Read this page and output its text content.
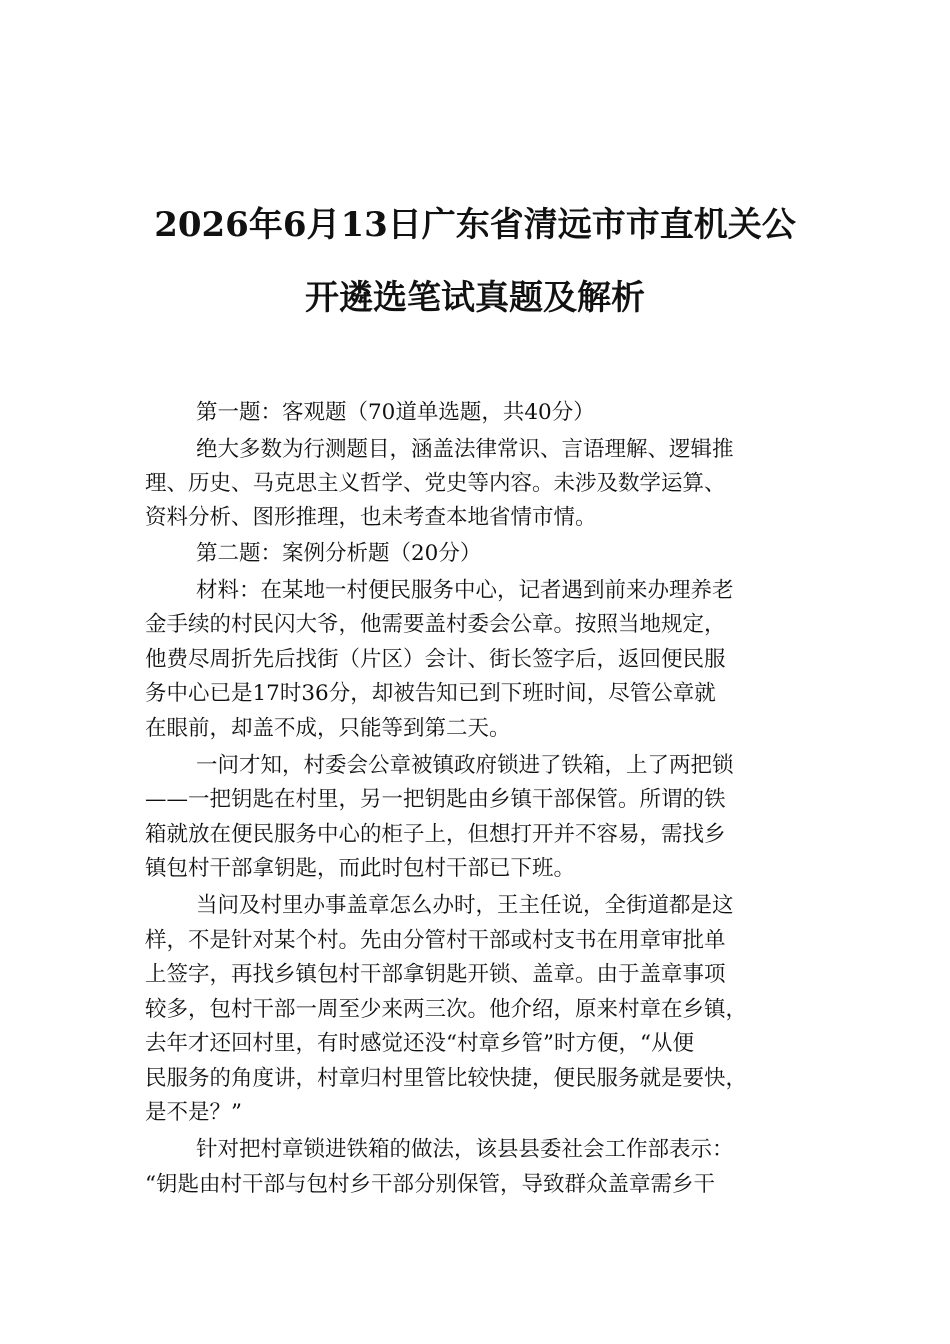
2026年6月13日广东省清远市市直机关公
开遴选笔试真题及解析
第一题：客观题（70道单选题，共40分）
绝大多数为行测题目，涵盖法律常识、言语理解、逻辑推
理、历史、马克思主义哲学、党史等内容。未涉及数学运算、
资料分析、图形推理，也未考查本地省情市情。
第二题：案例分析题（20分）
材料：在某地一村便民服务中心，记者遇到前来办理养老
金手续的村民闪大爷，他需要盖村委会公章。按照当地规定，
他费尽周折先后找街（片区）会计、街长签字后，返回便民服
务中心已是17时36分，却被告知已到下班时间，尽管公章就
在眼前，却盖不成，只能等到第二天。
一问才知，村委会公章被镇政府锁进了铁箱，上了两把锁
——一把钥匙在村里，另一把钥匙由乡镇干部保管。所谓的铁
箱就放在便民服务中心的柜子上，但想打开并不容易，需找乡
镇包村干部拿钥匙，而此时包村干部已下班。
当问及村里办事盖章怎么办时，王主任说，全街道都是这
样，不是针对某个村。先由分管村干部或村支书在用章审批单
上签字，再找乡镇包村干部拿钥匙开锁、盖章。由于盖章事项
较多，包村干部一周至少来两三次。他介绍，原来村章在乡镇，
去年才还回村里，有时感觉还没“村章乡管”时方便，“从便
民服务的角度讲，村章归村里管比较快捷，便民服务就是要快，
是不是？”
针对把村章锁进铁箱的做法，该县县委社会工作部表示：
“钥匙由村干部与包村乡干部分别保管，导致群众盖章需乡干
